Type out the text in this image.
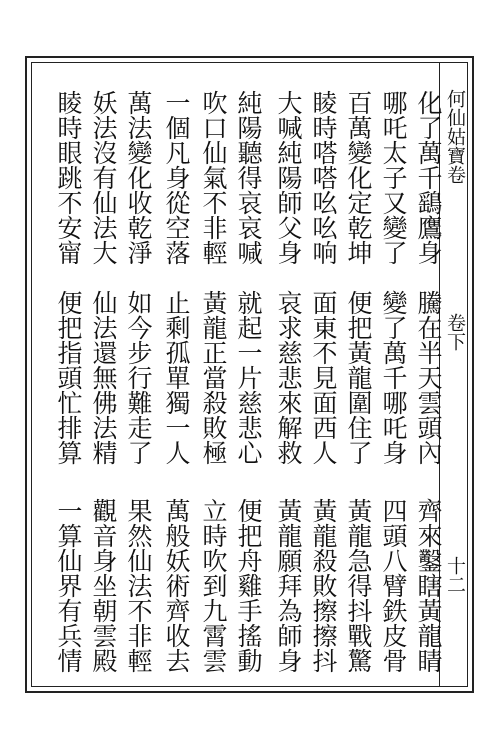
何仙姑寶卷
卷下
十二
化了萬千鷂鷹身
騰在半天雲頭內
齊來鑿瞎黃龍睛
哪吒太子又變了
變了萬千哪吒身
四頭八臂鉄皮骨
百萬變化定乾坤
便把黃龍圍住了
黃龍急得抖戰驚
睖時嗒嗒吆吆响
面東不見面西人
黃龍殺敗擦擦抖
大喊純陽師父身
哀求慈悲來解救
黃龍願拜為師身
純陽聽得哀哀喊
就起一片慈悲心
便把舟雞手搖動
吹口仙氣不非輕
黃龍正當殺敗極
立時吹到九霄雲
一個凡身從空落
止剩孤單獨一人
萬般妖術齊收去
萬法變化收乾淨
如今步行難走了
果然仙法不非輕
妖法沒有仙法大
仙法還無佛法精
觀音身坐朝雲殿
睖時眼跳不安甯
便把指頭忙排算
一算仙界有兵情
